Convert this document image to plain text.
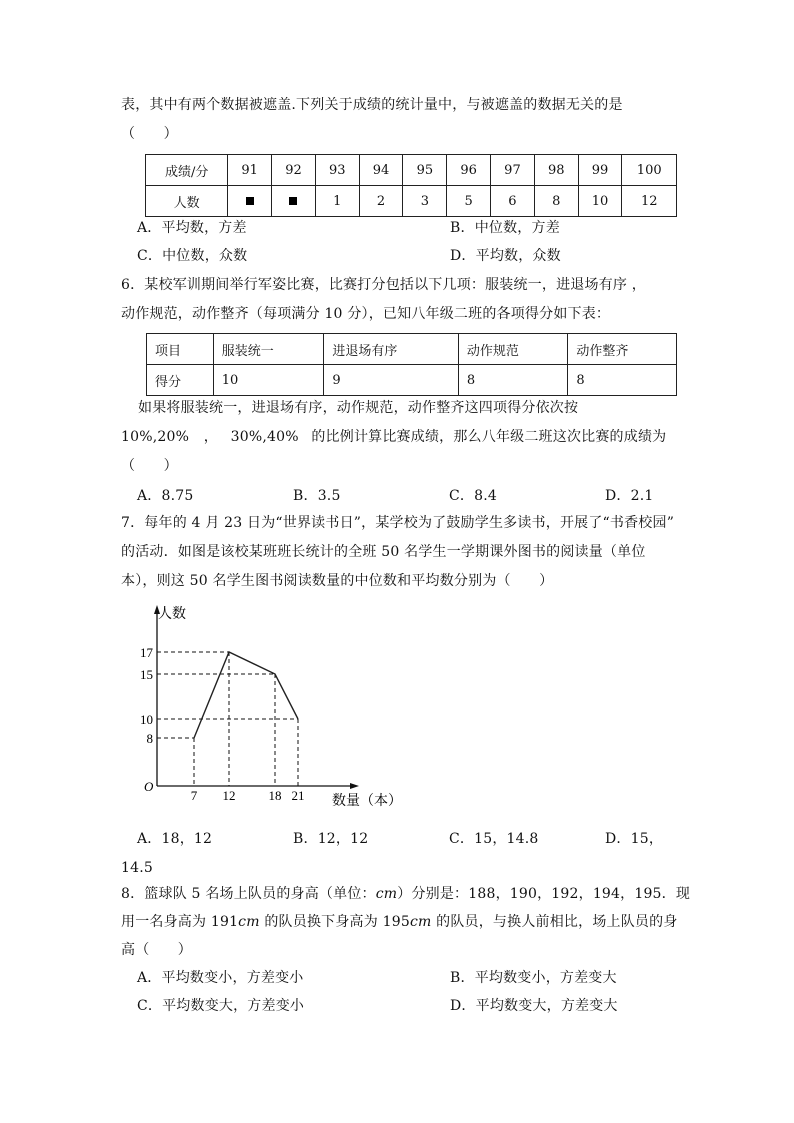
表，其中有两个数据被遮盖.下列关于成绩的统计量中，与被遮盖的数据无关的是
（　　）
成绩/分	91	92	93	94	95	96	97	98	99	100
人数			1	2	3	5	6	8	10	12
A．平均数，方差	B．中位数，方差
C．中位数，众数	D．平均数，众数
6．某校军训期间举行军姿比赛，比赛打分包括以下几项：服装统一，进退场有序 ，
动作规范，动作整齐（每项满分 10 分），已知八年级二班的各项得分如下表：
项目	服装统一	进退场有序	动作规范	动作整齐
得分	10	9	8	8
如果将服装统一，进退场有序，动作规范，动作整齐这四项得分依次按
10%,20% ， 30%,40% 的比例计算比赛成绩，那么八年级二班这次比赛的成绩为
（　　）
A．8.75	B．3.5	C．8.4	D．2.1
7．每年的 4 月 23 日为“世界读书日”，某学校为了鼓励学生多读书，开展了“书香校园”
的活动．如图是该校某班班长统计的全班 50 名学生一学期课外图书的阅读量（单位
本），则这 50 名学生图书阅读数量的中位数和平均数分别为（　　）
人数
17
15
10
8
O
7 12	18 21 数量（本）
A．18，12	B．12，12	C．15，14.8	D．15，
14.5
8．篮球队 5 名场上队员的身高（单位：cm）分别是：188，190，192，194，195．现
用一名身高为 191cm 的队员换下身高为 195cm 的队员，与换人前相比，场上队员的身
高（　　）
A．平均数变小，方差变小	B．平均数变小，方差变大
C．平均数变大，方差变小	D．平均数变大，方差变大
